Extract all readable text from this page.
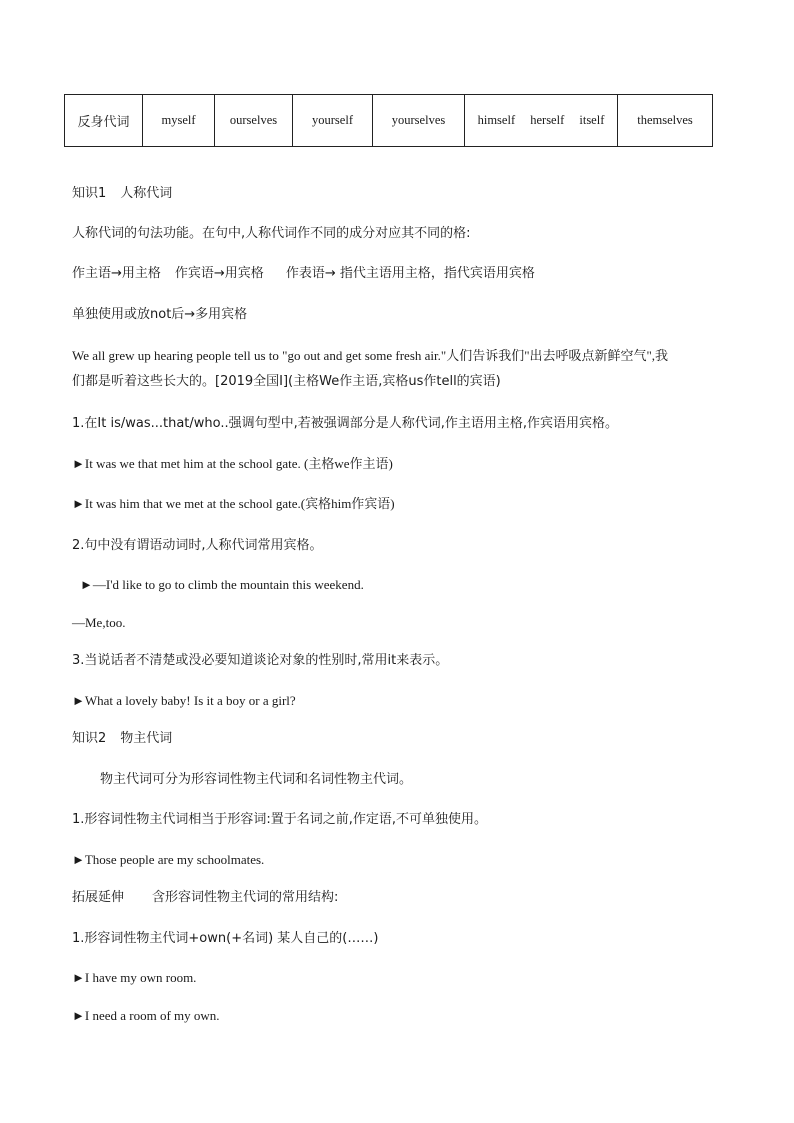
反身代词	myself	ourselves	yourself	yourselves	himself herself itself	themselves
知识1 人称代词
人称代词的句法功能。在句中,人称代词作不同的成分对应其不同的格:
作主语→用主格 作宾语→用宾格 作表语→ 指代主语用主格，指代宾语用宾格
单独使用或放not后→多用宾格
We all grew up hearing people tell us to "go out and get some fresh air."人们告诉我们"出去呼吸点新鲜空气",我
们都是听着这些长大的。[2019全国Ⅰ](主格We作主语,宾格us作tell的宾语)
1.在It is/was...that/who..强调句型中,若被强调部分是人称代词,作主语用主格,作宾语用宾格。
►It was we that met him at the school gate. (主格we作主语)
►It was him that we met at the school gate.(宾格him作宾语)
2.句中没有谓语动词时,人称代词常用宾格。
►—I'd like to go to climb the mountain this weekend.
—Me,too.
3.当说话者不清楚或没必要知道谈论对象的性别时,常用it来表示。
►What a lovely baby! Is it a boy or a girl?
知识2 物主代词
物主代词可分为形容词性物主代词和名词性物主代词。
1.形容词性物主代词相当于形容词:置于名词之前,作定语,不可单独使用。
►Those people are my schoolmates.
拓展延伸 含形容词性物主代词的常用结构:
1.形容词性物主代词+own(+名词) 某人自己的(……)
►I have my own room.
►I need a room of my own.
